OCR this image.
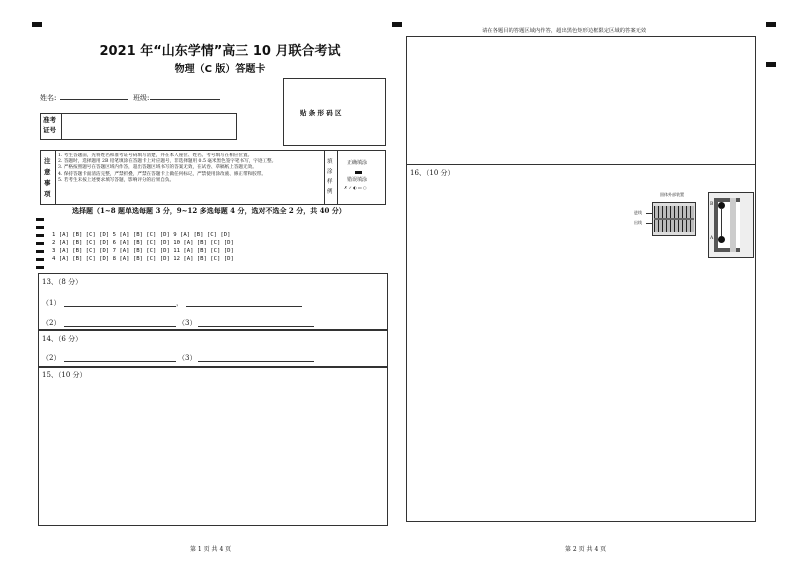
2021 年“山东学情”高三 10 月联合考试
物理（C 版）答题卡
姓名:	班级:
准考证号
贴 条 形 码 区
注
意
事
项
1. 考生答题前，先将姓名和准考证号码填写清楚，并在本人座位、姓名、考号填写在相应位置。
2. 答题时，选择题用 2B 铅笔填涂在答题卡上对应题号，非选择题用 0.5 毫米黑色签字笔书写，字迹工整。
3. 严格按照题号在答题区域内作答，超出答题区域书写的答案无效，在试卷、草稿纸上答题无效。
4. 保持答题卡面清洁完整，严禁折叠，严禁在答题卡上做任何标记，严禁使用涂改液、修正带和胶带。
5. 若考生未按上述要求填写答题，影响评分的后果自负。
填
涂
样
例
正确填涂
错误填涂
✗ ✓ ◐ ▭ ○
选择题（1~8 题单选每题 3 分，9~12 多选每题 4 分，选对不选全 2 分，共 40 分）
1 [A] [B] [C] [D] 5 [A] [B] [C] [D] 9 [A] [B] [C] [D]
2 [A] [B] [C] [D] 6 [A] [B] [C] [D] 10 [A] [B] [C] [D]
3 [A] [B] [C] [D] 7 [A] [B] [C] [D] 11 [A] [B] [C] [D]
4 [A] [B] [C] [D] 8 [A] [B] [C] [D] 12 [A] [B] [C] [D]
13、（8 分）
（1）	，
（2）	（3）
14、（6 分）
（2）	（3）
15、（10 分）
第 1 页 共 4 页
请在各题目的答题区域内作答，超出黑色矩形边框限定区域的答案无效
16、（10 分）
固体外部装置
进线
出线
B
A
第 2 页 共 4 页
